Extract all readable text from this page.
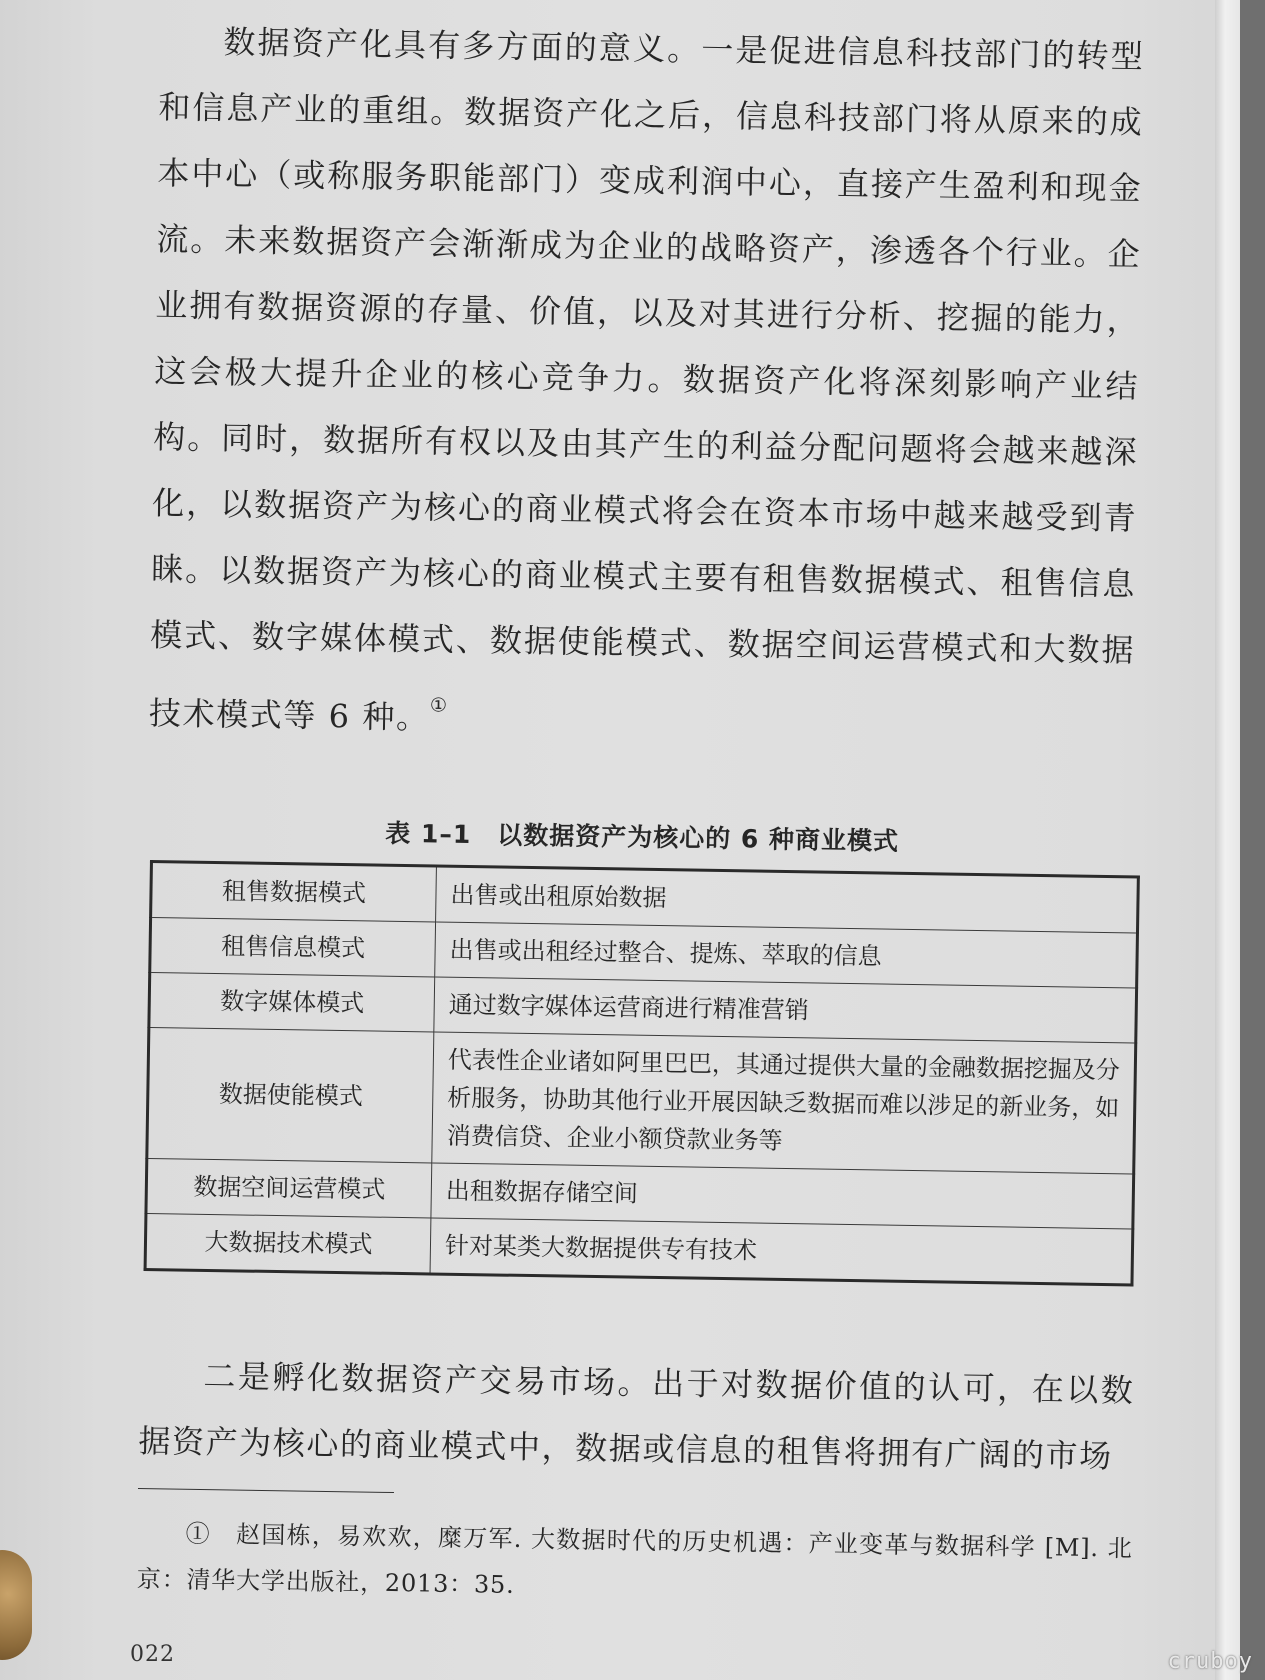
数据资产化具有多方面的意义。一是促进信息科技部门的转型和信息产业的重组。数据资产化之后，信息科技部门将从原来的成本中心（或称服务职能部门）变成利润中心，直接产生盈利和现金流。未来数据资产会渐渐成为企业的战略资产，渗透各个行业。企业拥有数据资源的存量、价值，以及对其进行分析、挖掘的能力，这会极大提升企业的核心竞争力。数据资产化将深刻影响产业结构。同时，数据所有权以及由其产生的利益分配问题将会越来越深化，以数据资产为核心的商业模式将会在资本市场中越来越受到青睐。以数据资产为核心的商业模式主要有租售数据模式、租售信息模式、数字媒体模式、数据使能模式、数据空间运营模式和大数据技术模式等 6 种。①
表 1–1　以数据资产为核心的 6 种商业模式
租售数据模式	出售或出租原始数据
租售信息模式	出售或出租经过整合、提炼、萃取的信息
数字媒体模式	通过数字媒体运营商进行精准营销
数据使能模式	代表性企业诸如阿里巴巴，其通过提供大量的金融数据挖掘及分析服务，协助其他行业开展因缺乏数据而难以涉足的新业务，如消费信贷、企业小额贷款业务等
数据空间运营模式	出租数据存储空间
大数据技术模式	针对某类大数据提供专有技术
二是孵化数据资产交易市场。出于对数据价值的认可，在以数据资产为核心的商业模式中，数据或信息的租售将拥有广阔的市场
①　赵国栋，易欢欢，糜万军. 大数据时代的历史机遇：产业变革与数据科学 [M]. 北京：清华大学出版社，2013：35.
022	cruboy
